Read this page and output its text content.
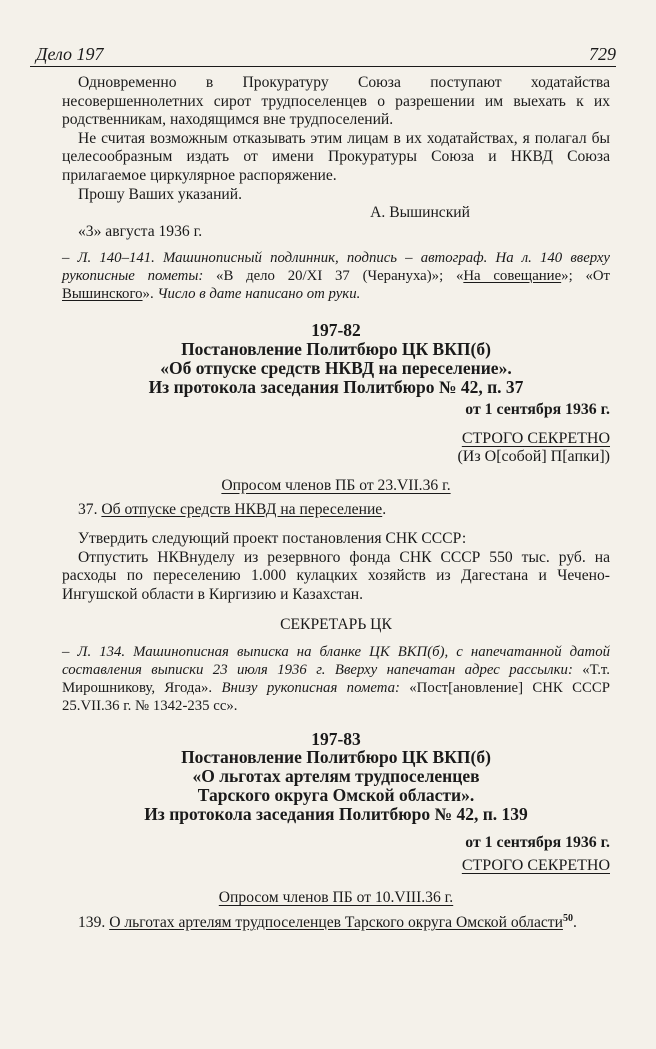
Дело 197	729

Одновременно в Прокуратуру Союза поступают ходатайства несовершеннолетних сирот трудпоселенцев о разрешении им выехать к их родственникам, находящимся вне трудпоселений.

Не считая возможным отказывать этим лицам в их ходатайствах, я полагал бы целесообразным издать от имени Прокуратуры Союза и НКВД Союза прилагаемое циркулярное распоряжение.

Прошу Ваших указаний.

А. Вышинский

«3» августа 1936 г.

– Л. 140–141. Машинописный подлинник, подпись – автограф. На л. 140 вверху рукописные пометы: «В дело 20/XI 37 (Черануха)»; «На совещание»; «От Вышинского». Число в дате написано от руки.

197-82
Постановление Политбюро ЦК ВКП(б)
«Об отпуске средств НКВД на переселение».
Из протокола заседания Политбюро № 42, п. 37
от 1 сентября 1936 г.
СТРОГО СЕКРЕТНО
(Из О[собой] П[апки])
Опросом членов ПБ от 23.VII.36 г.

37. Об отпуске средств НКВД на переселение.

Утвердить следующий проект постановления СНК СССР:

Отпустить НКВнуделу из резервного фонда СНК СССР 550 тыс. руб. на расходы по переселению 1.000 кулацких хозяйств из Дагестана и Чечено-Ингушской области в Киргизию и Казахстан.

СЕКРЕТАРЬ ЦК

– Л. 134. Машинописная выписка на бланке ЦК ВКП(б), с напечатанной датой составления выписки 23 июля 1936 г. Вверху напечатан адрес рассылки: «Т.т. Мирошникову, Ягода». Внизу рукописная помета: «Пост[ановление] СНК СССР 25.VII.36 г. № 1342-235 сс».

197-83
Постановление Политбюро ЦК ВКП(б)
«О льготах артелям трудпоселенцев
Тарского округа Омской области».
Из протокола заседания Политбюро № 42, п. 139
от 1 сентября 1936 г.
СТРОГО СЕКРЕТНО
Опросом членов ПБ от 10.VIII.36 г.

139. О льготах артелям трудпоселенцев Тарского округа Омской области$^{50}$.
